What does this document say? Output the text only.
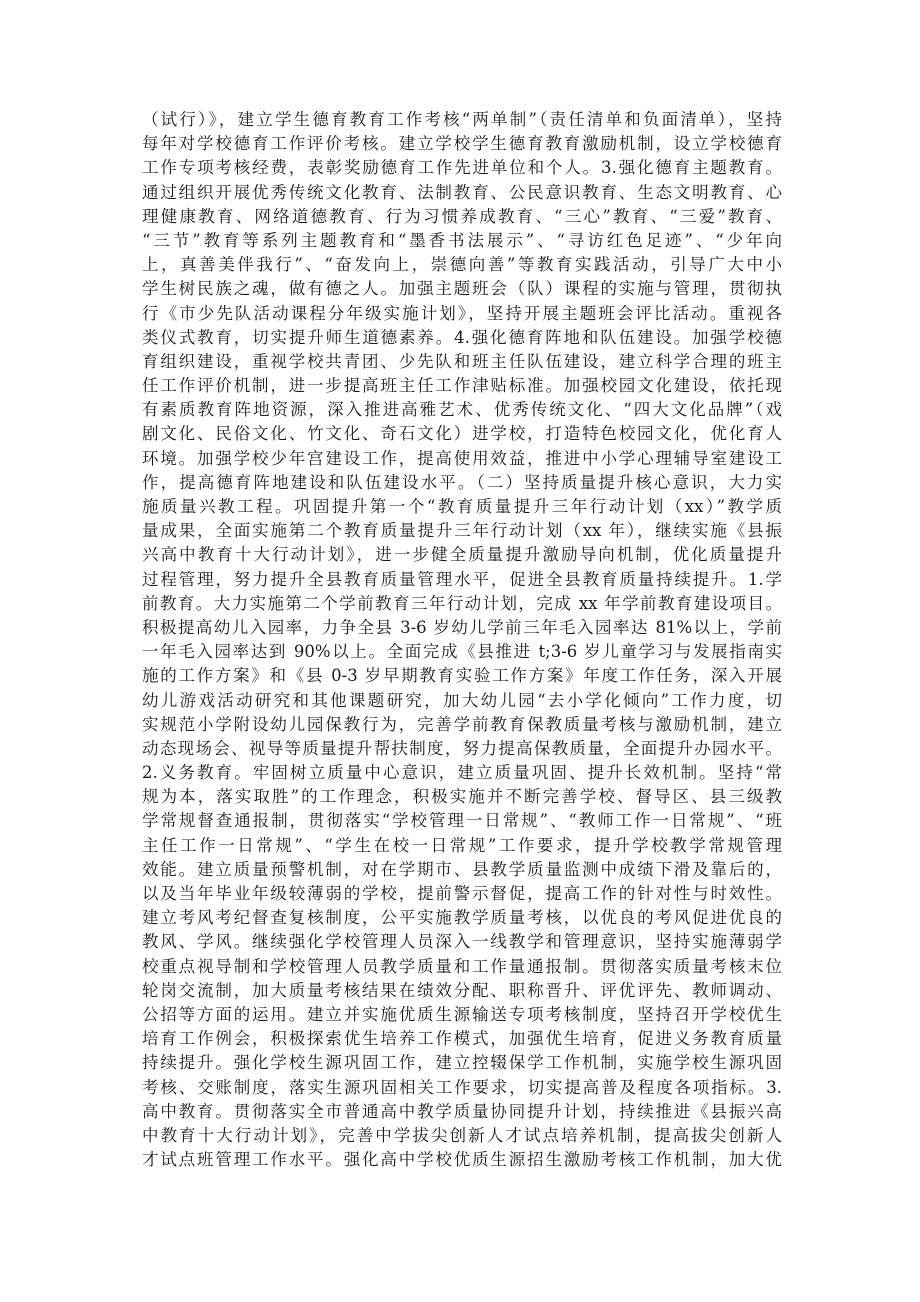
（试行）》，建立学生德育教育工作考核“两单制”（责任清单和负面清单），坚持
每年对学校德育工作评价考核。建立学校学生德育教育激励机制，设立学校德育
工作专项考核经费，表彰奖励德育工作先进单位和个人。3.强化德育主题教育。
通过组织开展优秀传统文化教育、法制教育、公民意识教育、生态文明教育、心
理健康教育、网络道德教育、行为习惯养成教育、“三心”教育、“三爱”教育、
“三节”教育等系列主题教育和“墨香书法展示”、“寻访红色足迹”、“少年向
上，真善美伴我行”、“奋发向上，崇德向善”等教育实践活动，引导广大中小
学生树民族之魂，做有德之人。加强主题班会（队）课程的实施与管理，贯彻执
行《市少先队活动课程分年级实施计划》，坚持开展主题班会评比活动。重视各
类仪式教育，切实提升师生道德素养。4.强化德育阵地和队伍建设。加强学校德
育组织建设，重视学校共青团、少先队和班主任队伍建设，建立科学合理的班主
任工作评价机制，进一步提高班主任工作津贴标准。加强校园文化建设，依托现
有素质教育阵地资源，深入推进高雅艺术、优秀传统文化、“四大文化品牌”（戏
剧文化、民俗文化、竹文化、奇石文化）进学校，打造特色校园文化，优化育人
环境。加强学校少年宫建设工作，提高使用效益，推进中小学心理辅导室建设工
作，提高德育阵地建设和队伍建设水平。（二）坚持质量提升核心意识，大力实
施质量兴教工程。巩固提升第一个“教育质量提升三年行动计划（xx）”教学质
量成果，全面实施第二个教育质量提升三年行动计划（xx 年），继续实施《县振
兴高中教育十大行动计划》，进一步健全质量提升激励导向机制，优化质量提升
过程管理，努力提升全县教育质量管理水平，促进全县教育质量持续提升。1.学
前教育。大力实施第二个学前教育三年行动计划，完成 xx 年学前教育建设项目。
积极提高幼儿入园率，力争全县 3-6 岁幼儿学前三年毛入园率达 81%以上，学前
一年毛入园率达到 90%以上。全面完成《县推进 t;3-6 岁儿童学习与发展指南实
施的工作方案》和《县 0-3 岁早期教育实验工作方案》年度工作任务，深入开展
幼儿游戏活动研究和其他课题研究，加大幼儿园“去小学化倾向”工作力度，切
实规范小学附设幼儿园保教行为，完善学前教育保教质量考核与激励机制，建立
动态现场会、视导等质量提升帮扶制度，努力提高保教质量，全面提升办园水平。
2.义务教育。牢固树立质量中心意识，建立质量巩固、提升长效机制。坚持“常
规为本，落实取胜”的工作理念，积极实施并不断完善学校、督导区、县三级教
学常规督查通报制，贯彻落实“学校管理一日常规”、“教师工作一日常规”、“班
主任工作一日常规”、“学生在校一日常规”工作要求，提升学校教学常规管理
效能。建立质量预警机制，对在学期市、县教学质量监测中成绩下滑及靠后的，
以及当年毕业年级较薄弱的学校，提前警示督促，提高工作的针对性与时效性。
建立考风考纪督查复核制度，公平实施教学质量考核，以优良的考风促进优良的
教风、学风。继续强化学校管理人员深入一线教学和管理意识，坚持实施薄弱学
校重点视导制和学校管理人员教学质量和工作量通报制。贯彻落实质量考核末位
轮岗交流制，加大质量考核结果在绩效分配、职称晋升、评优评先、教师调动、
公招等方面的运用。建立并实施优质生源输送专项考核制度，坚持召开学校优生
培育工作例会，积极探索优生培养工作模式，加强优生培育，促进义务教育质量
持续提升。强化学校生源巩固工作，建立控辍保学工作机制，实施学校生源巩固
考核、交账制度，落实生源巩固相关工作要求，切实提高普及程度各项指标。3.
高中教育。贯彻落实全市普通高中教学质量协同提升计划，持续推进《县振兴高
中教育十大行动计划》，完善中学拔尖创新人才试点培养机制，提高拔尖创新人
才试点班管理工作水平。强化高中学校优质生源招生激励考核工作机制，加大优
